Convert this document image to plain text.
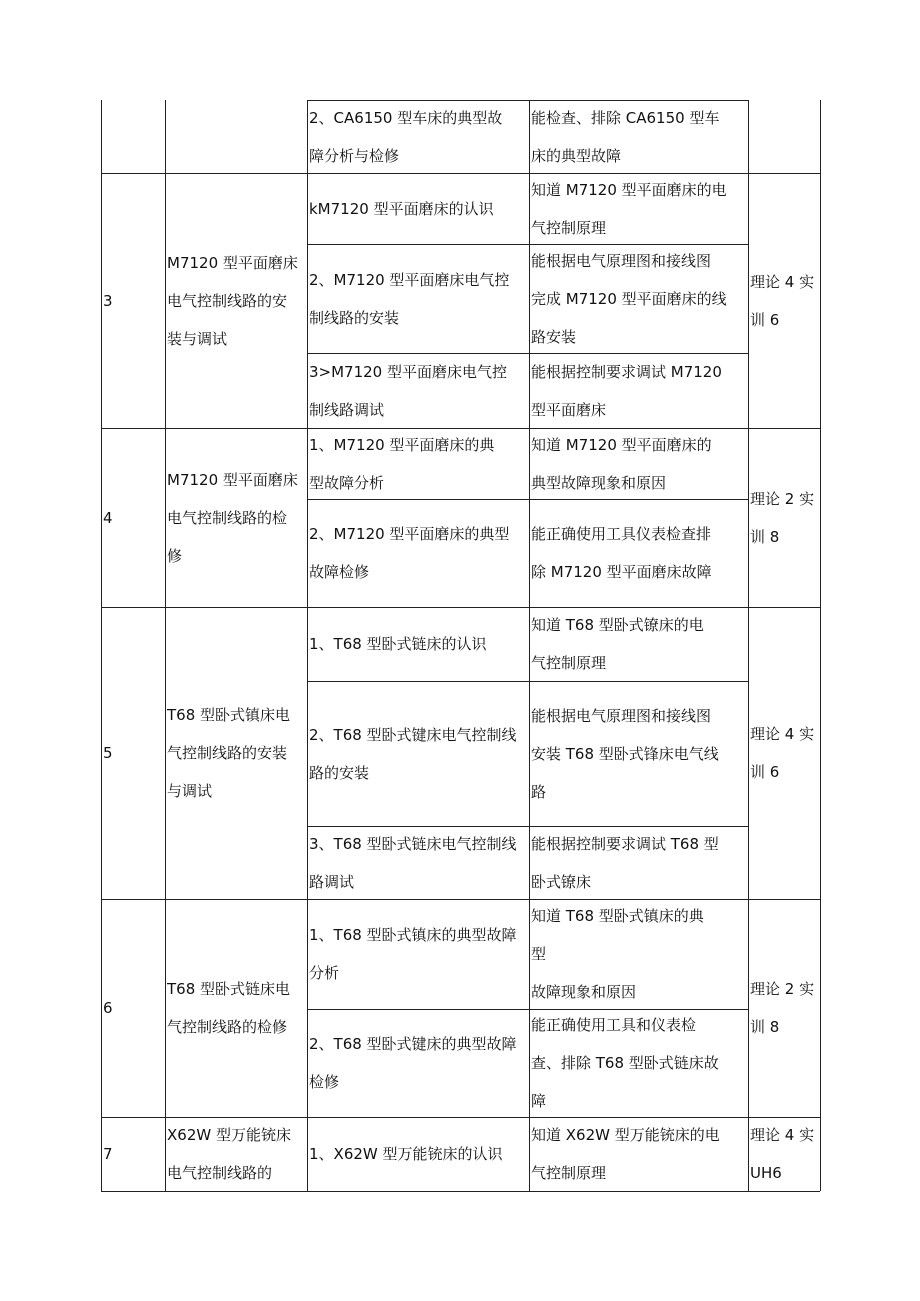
2、CA6150 型车床的典型故
障分析与检修
能检查、排除 CA6150 型车
床的典型故障
3
M7120 型平面磨床
电气控制线路的安
装与调试
理论 4 实
训 6
kM7120 型平面磨床的认识
知道 M7120 型平面磨床的电
气控制原理
2、M7120 型平面磨床电气控
制线路的安装
能根据电气原理图和接线图
完成 M7120 型平面磨床的线
路安装
3>M7120 型平面磨床电气控
制线路调试
能根据控制要求调试 M7120
型平面磨床
4
M7120 型平面磨床
电气控制线路的检
修
理论 2 实
训 8
1、M7120 型平面磨床的典
型故障分析
知道 M7120 型平面磨床的
典型故障现象和原因
2、M7120 型平面磨床的典型
故障检修
能正确使用工具仪表检查排
除 M7120 型平面磨床故障
5
T68 型卧式镇床电
气控制线路的安装
与调试
理论 4 实
训 6
1、T68 型卧式链床的认识
知道 T68 型卧式镣床的电
气控制原理
2、T68 型卧式键床电气控制线
路的安装
能根据电气原理图和接线图
安装 T68 型卧式锋床电气线
路
3、T68 型卧式链床电气控制线
路调试
能根据控制要求调试 T68 型
卧式镣床
6
T68 型卧式链床电
气控制线路的检修
理论 2 实
训 8
1、T68 型卧式镇床的典型故障
分析
知道 T68 型卧式镇床的典
型
故障现象和原因
2、T68 型卧式键床的典型故障
检修
能正确使用工具和仪表检
查、排除 T68 型卧式链床故
障
7
X62W 型万能铳床
电气控制线路的
理论 4 实
UH6
1、X62W 型万能铳床的认识
知道 X62W 型万能铳床的电
气控制原理
